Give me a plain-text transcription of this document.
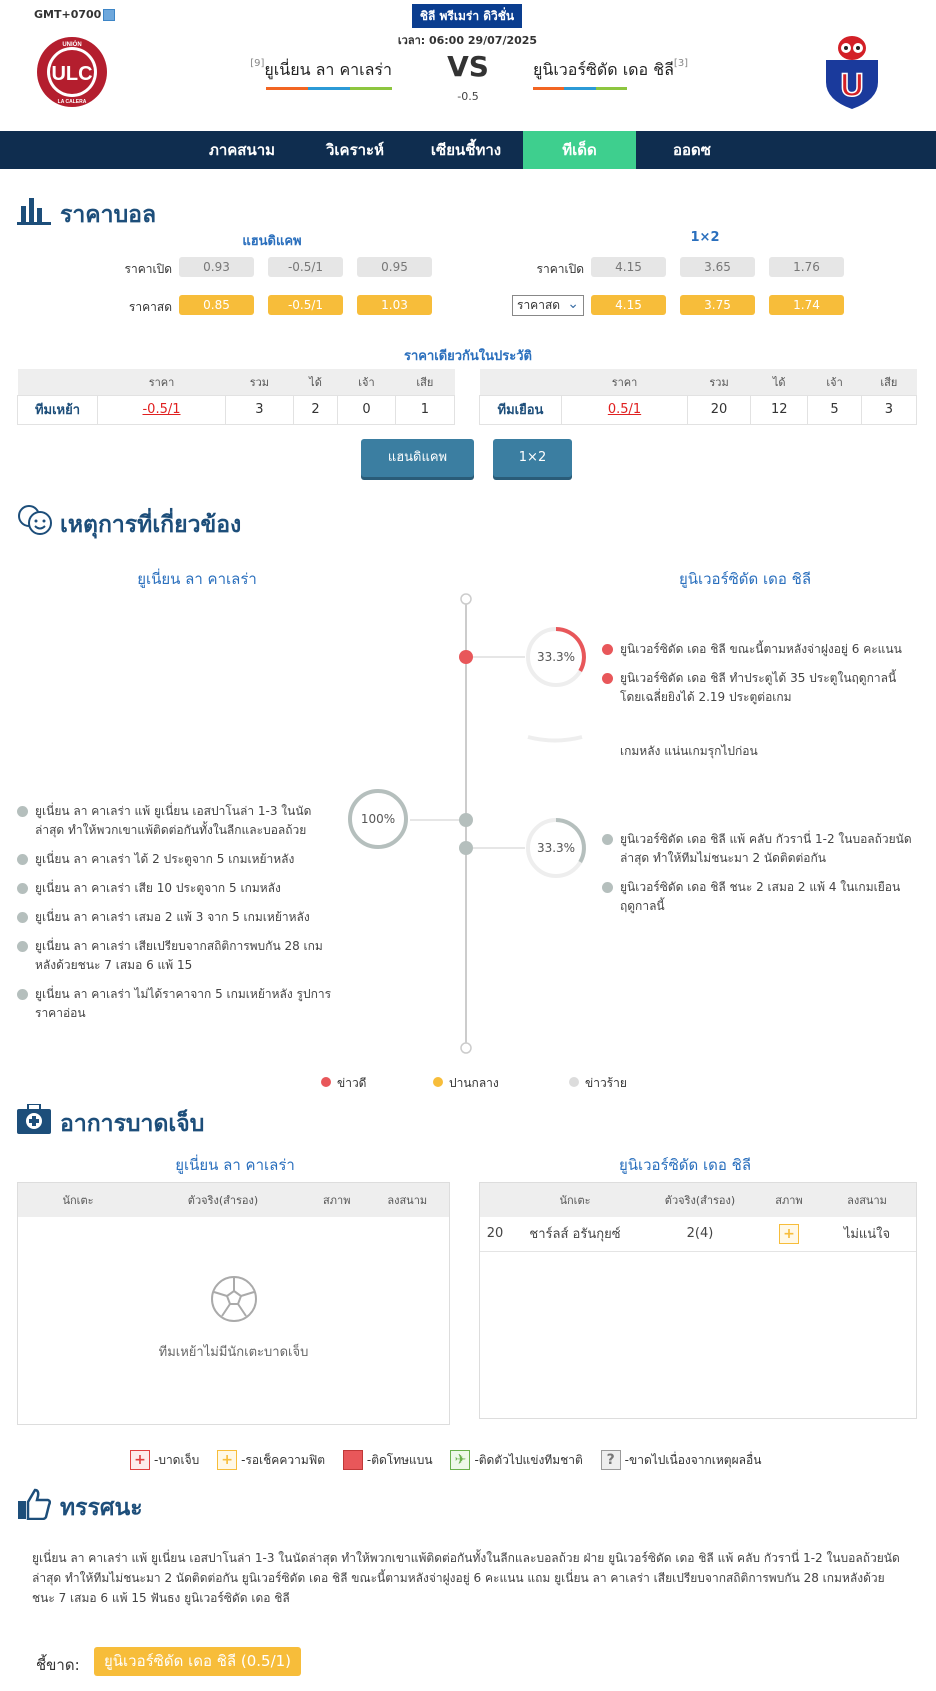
GMT+0700	ชิลี พรีเมร่า ดิวิชั่น
เวลา: 06:00 29/07/2025
ULC
UNIÓN
LA CALERA	U
[9]ยูเนี่ยน ลา คาเลร่า VS
-0.5
ยูนิเวอร์ซิดัด เดอ ชิลี[3]
ภาคสนาม	วิเคราะห์	เซียนชี้ทาง	ทีเด็ด	ออดซ
ราคาบอล
แฮนดิแคพ	1×2
ราคาเปิด	0.93	-0.5/1	0.95
ราคาสด	0.85	-0.5/1	1.03
ราคาเปิด	4.15	3.65	1.76
ราคาสด ⌄	4.15	3.75	1.74
ราคาเดียวกันในประวัติ
	ราคา	รวม	ได้	เจ้า	เสีย
ทีมเหย้า	-0.5/1	3	2	0	1
	ราคา	รวม	ได้	เจ้า	เสีย
ทีมเยือน	0.5/1	20	12	5	3
แฮนดิแคพ	1×2
เหตุการที่เกี่ยวข้อง
ยูเนี่ยน ลา คาเลร่า	ยูนิเวอร์ซิดัด เดอ ชิลี
33.3%
100%
33.3%
ยูนิเวอร์ซิดัด เดอ ชิลี ขณะนี้ตามหลังจ่าฝูงอยู่ 6 คะแนน
ยูนิเวอร์ซิดัด เดอ ชิลี ทำประตูได้ 35 ประตูในฤดูกาลนี้ โดยเฉลี่ยยิงได้ 2.19 ประตูต่อเกม
เกมหลัง แน่นเกมรุกไปก่อน
ยูเนี่ยน ลา คาเลร่า แพ้ ยูเนี่ยน เอสปาโนล่า 1-3 ในนัดล่าสุด ทำให้พวกเขาแพ้ติดต่อกันทั้งในลีกและบอลถ้วย
ยูเนี่ยน ลา คาเลร่า ได้ 2 ประตูจาก 5 เกมเหย้าหลัง
ยูเนี่ยน ลา คาเลร่า เสีย 10 ประตูจาก 5 เกมหลัง
ยูเนี่ยน ลา คาเลร่า เสมอ 2 แพ้ 3 จาก 5 เกมเหย้าหลัง
ยูเนี่ยน ลา คาเลร่า เสียเปรียบจากสถิติการพบกัน 28 เกมหลังด้วยชนะ 7 เสมอ 6 แพ้ 15
ยูเนี่ยน ลา คาเลร่า ไม่ได้ราคาจาก 5 เกมเหย้าหลัง รูปการราคาอ่อน
ยูนิเวอร์ซิดัด เดอ ชิลี แพ้ คลับ กัวรานี่ 1-2 ในบอลถ้วยนัดล่าสุด ทำให้ทีมไม่ชนะมา 2 นัดติดต่อกัน
ยูนิเวอร์ซิดัด เดอ ชิลี ชนะ 2 เสมอ 2 แพ้ 4 ในเกมเยือนฤดูกาลนี้
ข่าวดี	ปานกลาง	ข่าวร้าย
อาการบาดเจ็บ
ยูเนี่ยน ลา คาเลร่า	ยูนิเวอร์ซิดัด เดอ ชิลี
นักเตะ	ตัวจริง(สำรอง)	สภาพ	ลงสนาม
ทีมเหย้าไม่มีนักเตะบาดเจ็บ
	นักเตะ	ตัวจริง(สำรอง)	สภาพ	ลงสนาม
20	ชาร์ลส์ อรันกุยซ์	2(4)	+	ไม่แน่ใจ
+ -บาดเจ็บ + -รอเช็คความฟิต	-ติดโทษแบน ✈ -ติดตัวไปแข่งทีมชาติ ? -ขาดไปเนื่องจากเหตุผลอื่น
ทรรศนะ
ยูเนี่ยน ลา คาเลร่า แพ้ ยูเนี่ยน เอสปาโนล่า 1-3 ในนัดล่าสุด ทำให้พวกเขาแพ้ติดต่อกันทั้งในลีกและบอลถ้วย ฝ่าย ยูนิเวอร์ซิดัด เดอ ชิลี แพ้ คลับ กัวรานี่ 1-2 ในบอลถ้วยนัดล่าสุด ทำให้ทีมไม่ชนะมา 2 นัดติดต่อกัน ยูนิเวอร์ซิดัด เดอ ชิลี ขณะนี้ตามหลังจ่าฝูงอยู่ 6 คะแนน แถม ยูเนี่ยน ลา คาเลร่า เสียเปรียบจากสถิติการพบกัน 28 เกมหลังด้วยชนะ 7 เสมอ 6 แพ้ 15 ฟันธง ยูนิเวอร์ซิดัด เดอ ชิลี
ชี้ขาด:	ยูนิเวอร์ซิดัด เดอ ชิลี (0.5/1)
